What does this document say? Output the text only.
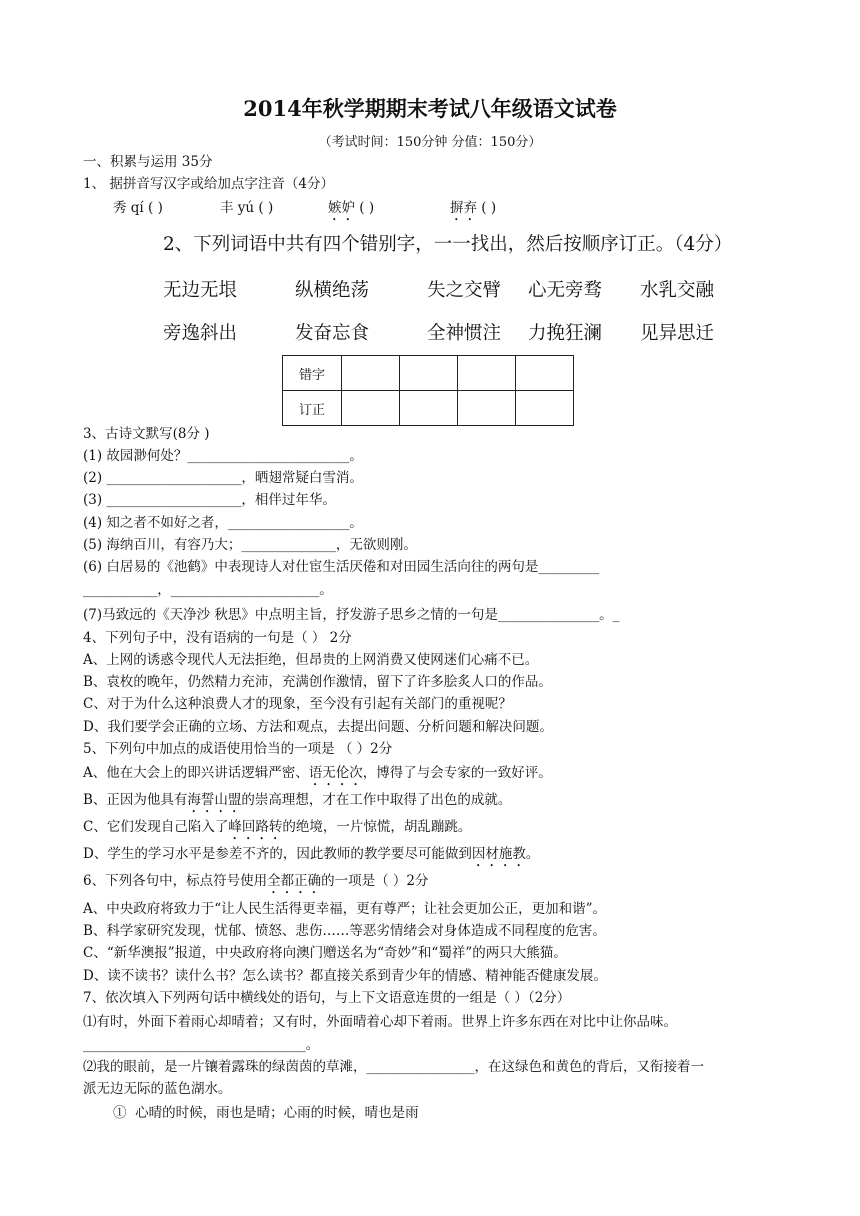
2014年秋学期期末考试八年级语文试卷
（考试时间：150分钟 分值：150分）
一、积累与运用 35分
1、 据拼音写汉字或给加点字注音（4分）
秀 qí ( )	丰 yú ( )	嫉妒 ( )	摒弃 ( )
2、下列词语中共有四个错别字，一一找出，然后按顺序订正。（4分）
无边无垠	纵横绝荡	失之交臂 心无旁骛 水乳交融
旁逸斜出	发奋忘食	全神惯注 力挽狂澜 见异思迁
错字				
订正				
3、古诗文默写(8分 )
(1) 故园渺何处？________________________。
(2) ____________________，晒翅常疑白雪消。
(3) ____________________，相伴过年华。
(4) 知之者不如好之者，__________________。
(5) 海纳百川，有容乃大；______________，无欲则刚。
(6) 白居易的《池鹤》中表现诗人对仕宦生活厌倦和对田园生活向往的两句是_________
___________，______________________。
(7)马致远的《天净沙 秋思》中点明主旨，抒发游子思乡之情的一句是_______________。_
4、下列句子中，没有语病的一句是（ ） 2分
A、上网的诱惑令现代人无法拒绝，但昂贵的上网消费又使网迷们心痛不已。
B、袁枚的晚年，仍然精力充沛，充满创作激情，留下了许多脍炙人口的作品。
C、对于为什么这种浪费人才的现象，至今没有引起有关部门的重视呢？
D、我们要学会正确的立场、方法和观点，去提出问题、分析问题和解决问题。
5、下列句中加点的成语使用恰当的一项是 （ ）2分
A、他在大会上的即兴讲话逻辑严密、语无伦次，博得了与会专家的一致好评。
B、正因为他具有海誓山盟的崇高理想，才在工作中取得了出色的成就。
C、它们发现自己陷入了峰回路转的绝境，一片惊慌，胡乱蹦跳。
D、学生的学习水平是参差不齐的，因此教师的教学要尽可能做到因材施教。
6、下列各句中，标点符号使用全都正确的一项是（ ）2分
A、中央政府将致力于“让人民生活得更幸福，更有尊严；让社会更加公正，更加和谐”。
B、科学家研究发现，忧郁、愤怒、悲伤……等恶劣情绪会对身体造成不同程度的危害。
C、“新华澳报”报道，中央政府将向澳门赠送名为“奇妙”和“蜀祥”的两只大熊猫。
D、读不读书？读什么书？怎么读书？都直接关系到青少年的情感、精神能否健康发展。
7、依次填入下列两句话中横线处的语句，与上下文语意连贯的一组是（ ）（2分）
⑴有时，外面下着雨心却晴着；又有时，外面晴着心却下着雨。世界上许多东西在对比中让你品味。
_________________________________。
⑵我的眼前，是一片镶着露珠的绿茵茵的草滩，________________，在这绿色和黄色的背后，又衔接着一
派无边无际的蓝色湖水。
① 心晴的时候，雨也是晴；心雨的时候，晴也是雨
